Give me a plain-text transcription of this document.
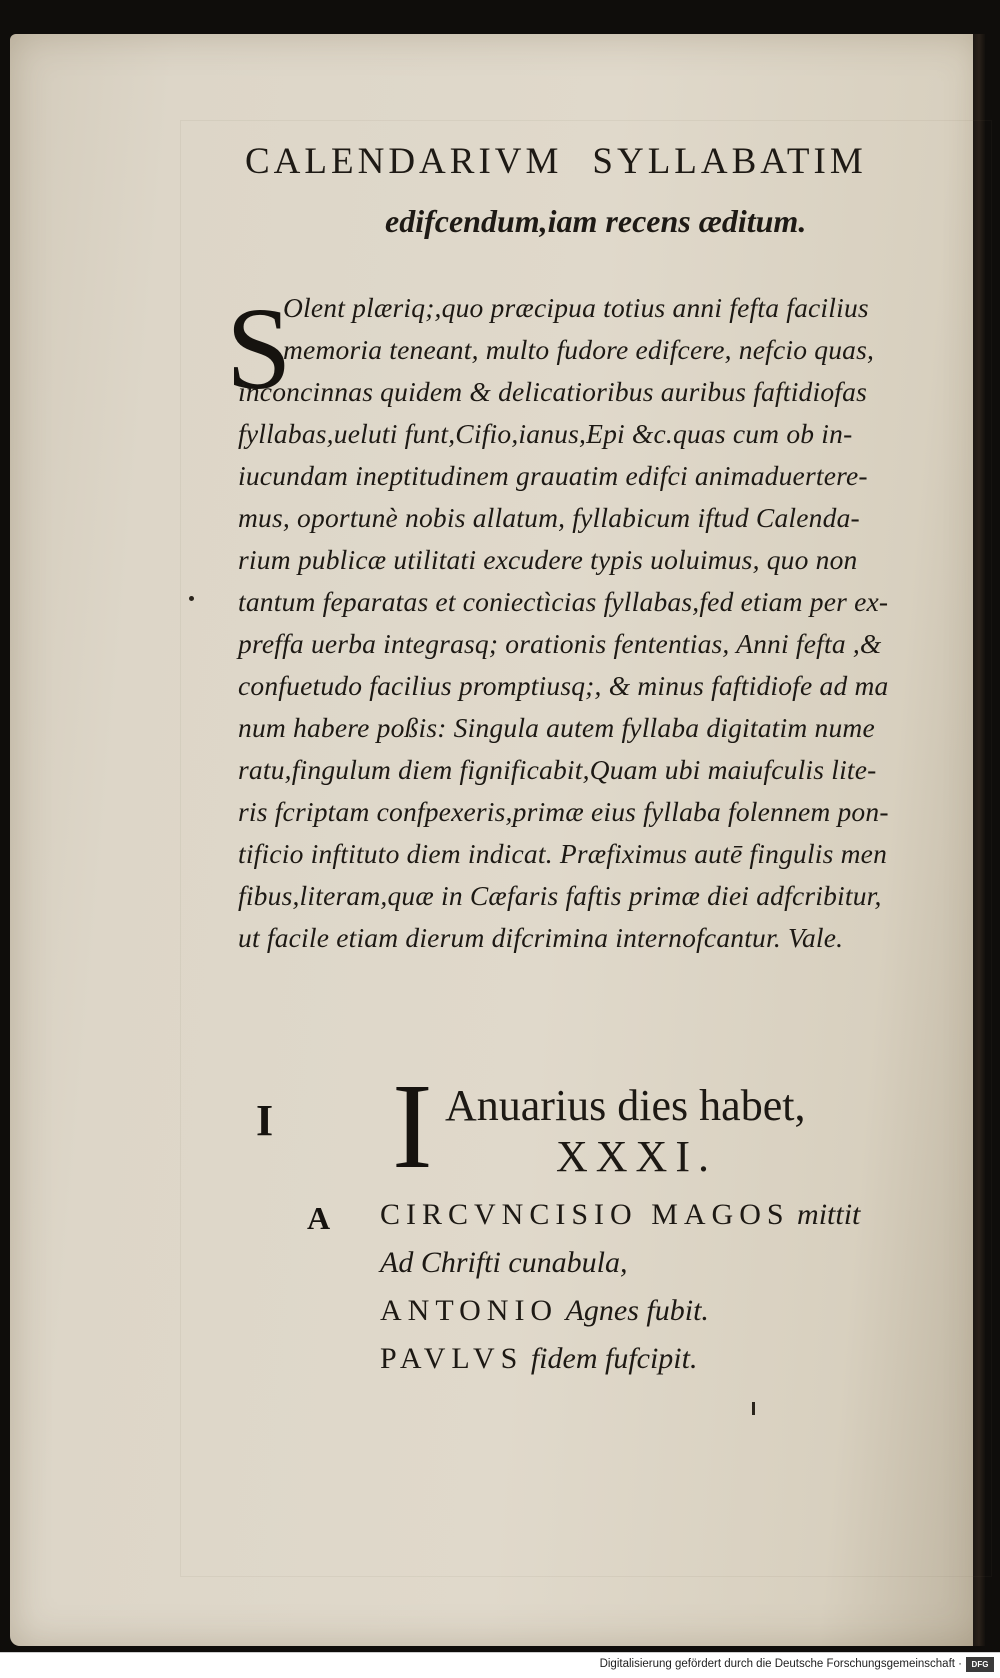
CALENDARIVM SYLLABATIM
edifcendum,iam recens æditum.
S
Olent plæriq;,quo præcipua totius anni fefta facilius
memoria teneant, multo fudore edifcere, nefcio quas,
inconcinnas quidem & delicatioribus auribus faftidiofas
fyllabas,ueluti funt,Cifio,ianus,Epi &c.quas cum ob in-
iucundam ineptitudinem grauatim edifci animaduertere-
mus, oportunè nobis allatum, fyllabicum iftud Calenda-
rium publicæ utilitati excudere typis uoluimus, quo non
tantum feparatas et coniectìcias fyllabas,fed etiam per ex-
preffa uerba integrasq; orationis fententias, Anni fefta ,&
confuetudo facilius promptiusq;, & minus faftidiofe ad ma
num habere poßis: Singula autem fyllaba digitatim nume
ratu,fingulum diem fignificabit,Quam ubi maiufculis lite-
ris fcriptam confpexeris,primæ eius fyllaba folennem pon-
tificio inftituto diem indicat. Præfiximus autē fingulis men
fibus,literam,quæ in Cæfaris faftis primæ diei adfcribitur,
ut facile etiam dierum difcrimina internofcantur. Vale.
I I Anuarius dies habet,
XXXI.
A CIRCVNCISIO MAGOS mittit
Ad Chrifti cunabula,
ANTONIO Agnes fubit.
PAVLVS fidem fufcipit.
Digitalisierung gefördert durch die Deutsche Forschungsgemeinschaft ·	DFG
